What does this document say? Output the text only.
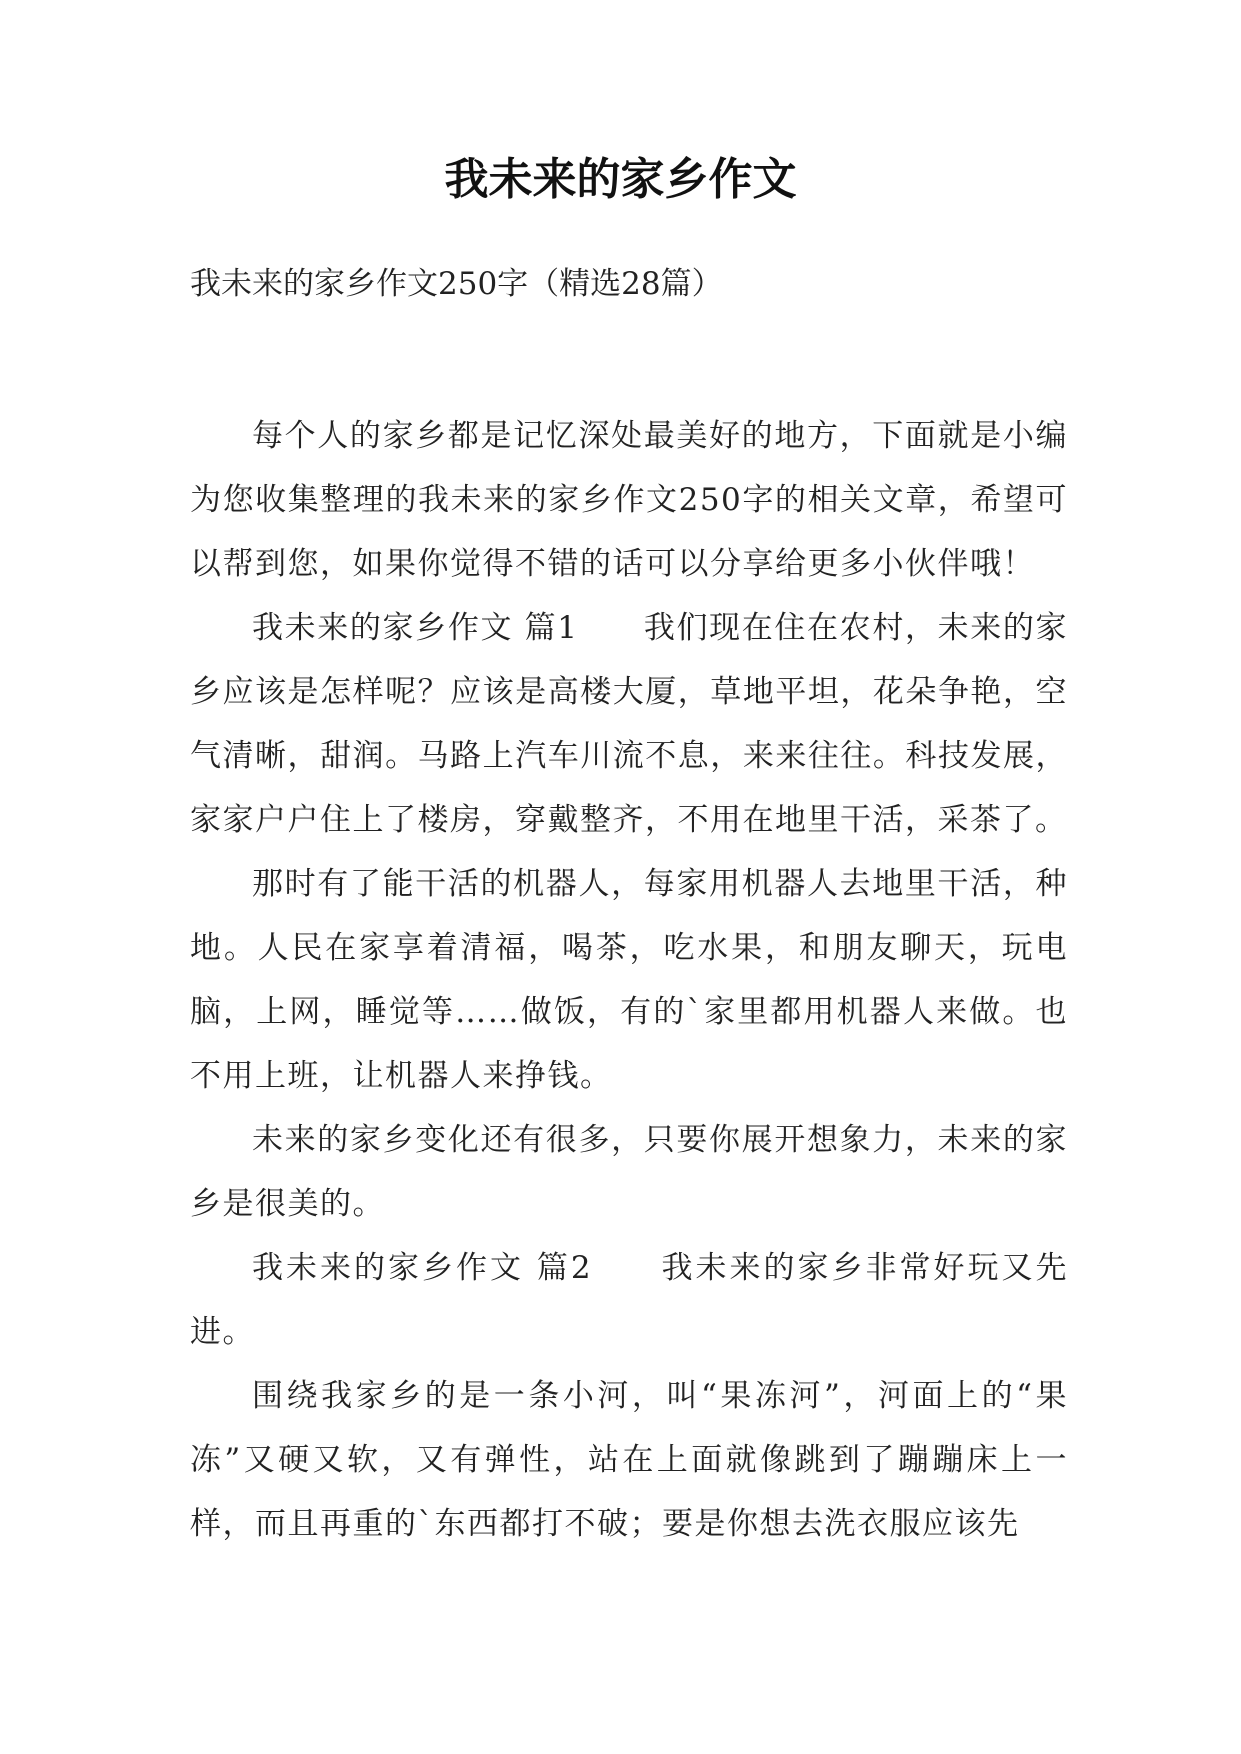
我未来的家乡作文
我未来的家乡作文250字（精选28篇）

每个人的家乡都是记忆深处最美好的地方，下面就是小编为您收集整理的我未来的家乡作文250字的相关文章，希望可以帮到您，如果你觉得不错的话可以分享给更多小伙伴哦！

我未来的家乡作文 篇1　　我们现在住在农村，未来的家乡应该是怎样呢？应该是高楼大厦，草地平坦，花朵争艳，空气清晰，甜润。马路上汽车川流不息，来来往往。科技发展，家家户户住上了楼房，穿戴整齐，不用在地里干活，采茶了。

那时有了能干活的机器人，每家用机器人去地里干活，种地。人民在家享着清福，喝茶，吃水果，和朋友聊天，玩电脑，上网，睡觉等……做饭，有的`家里都用机器人来做。也不用上班，让机器人来挣钱。

未来的家乡变化还有很多，只要你展开想象力，未来的家乡是很美的。

我未来的家乡作文 篇2　　我未来的家乡非常好玩又先进。

围绕我家乡的是一条小河，叫“果冻河”，河面上的“果冻”又硬又软，又有弹性，站在上面就像跳到了蹦蹦床上一样，而且再重的`东西都打不破；要是你想去洗衣服应该先
